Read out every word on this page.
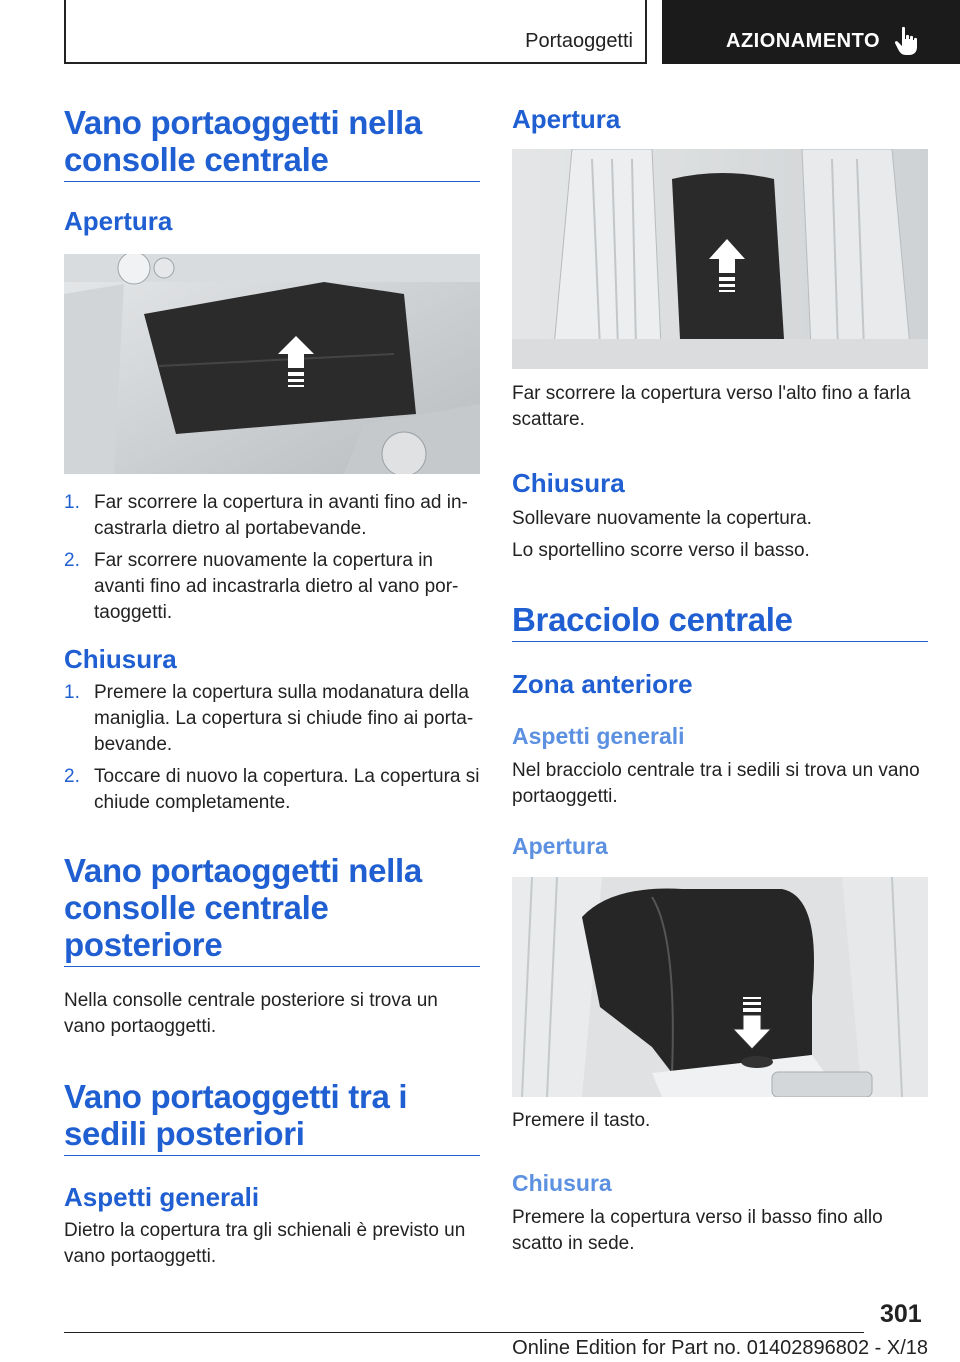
Portaoggetti	AZIONAMENTO
Vano portaoggetti nella consolle centrale
Apertura
1. Far scorrere la copertura in avanti fino ad incastrarla dietro al portabevande.
2. Far scorrere nuovamente la copertura in avanti fino ad incastrarla dietro al vano portaoggetti.
Chiusura
1. Premere la copertura sulla modanatura della maniglia. La copertura si chiude fino ai portabevande.
2. Toccare di nuovo la copertura. La copertura si chiude completamente.
Vano portaoggetti nella consolle centrale posteriore
Nella consolle centrale posteriore si trova un vano portaoggetti.
Vano portaoggetti tra i sedili posteriori
Aspetti generali
Dietro la copertura tra gli schienali è previsto un vano portaoggetti.
Apertura
Far scorrere la copertura verso l'alto fino a farla scattare.
Chiusura
Sollevare nuovamente la copertura.
Lo sportellino scorre verso il basso.
Bracciolo centrale
Zona anteriore
Aspetti generali
Nel bracciolo centrale tra i sedili si trova un vano portaoggetti.
Apertura
Premere il tasto.
Chiusura
Premere la copertura verso il basso fino allo scatto in sede.
301
Online Edition for Part no. 01402896802 - X/18
